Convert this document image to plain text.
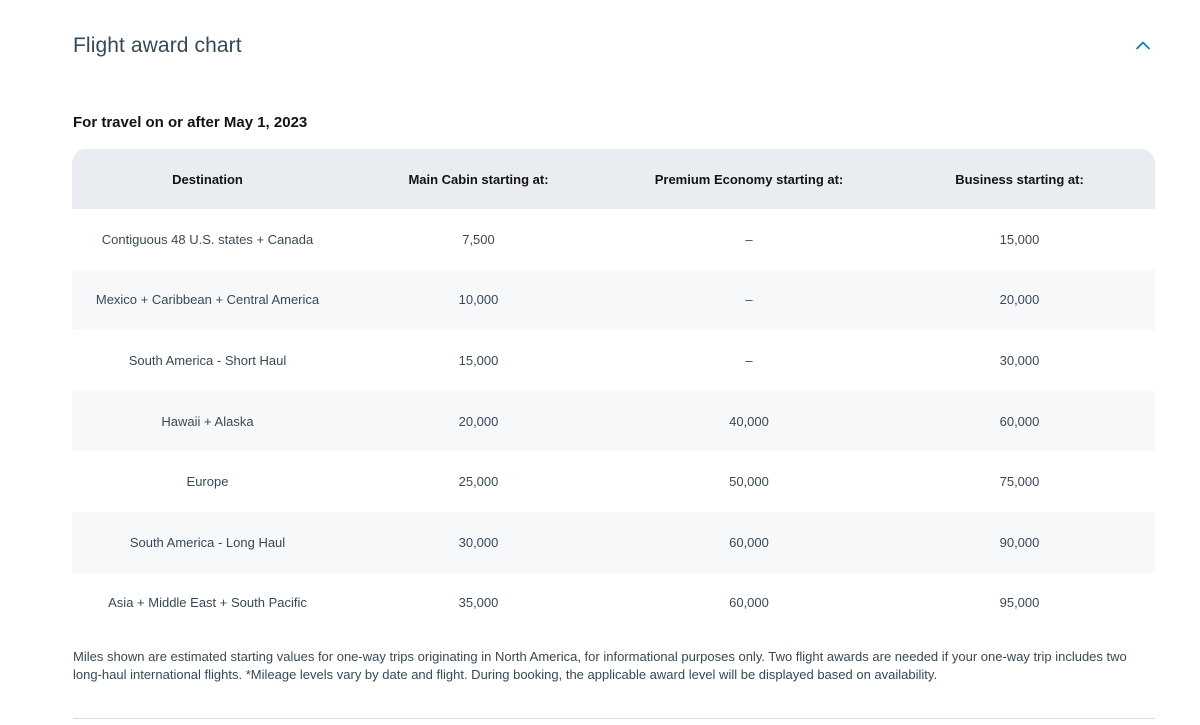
Flight award chart
For travel on or after May 1, 2023
Destination	Main Cabin starting at:	Premium Economy starting at:	Business starting at:
Contiguous 48 U.S. states + Canada	7,500	–	15,000
Mexico + Caribbean + Central America	10,000	–	20,000
South America - Short Haul	15,000	–	30,000
Hawaii + Alaska	20,000	40,000	60,000
Europe	25,000	50,000	75,000
South America - Long Haul	30,000	60,000	90,000
Asia + Middle East + South Pacific	35,000	60,000	95,000

Miles shown are estimated starting values for one-way trips originating in North America, for informational purposes only. Two flight awards are needed if your one-way trip includes two long-haul international flights. *Mileage levels vary by date and flight. During booking, the applicable award level will be displayed based on availability.
